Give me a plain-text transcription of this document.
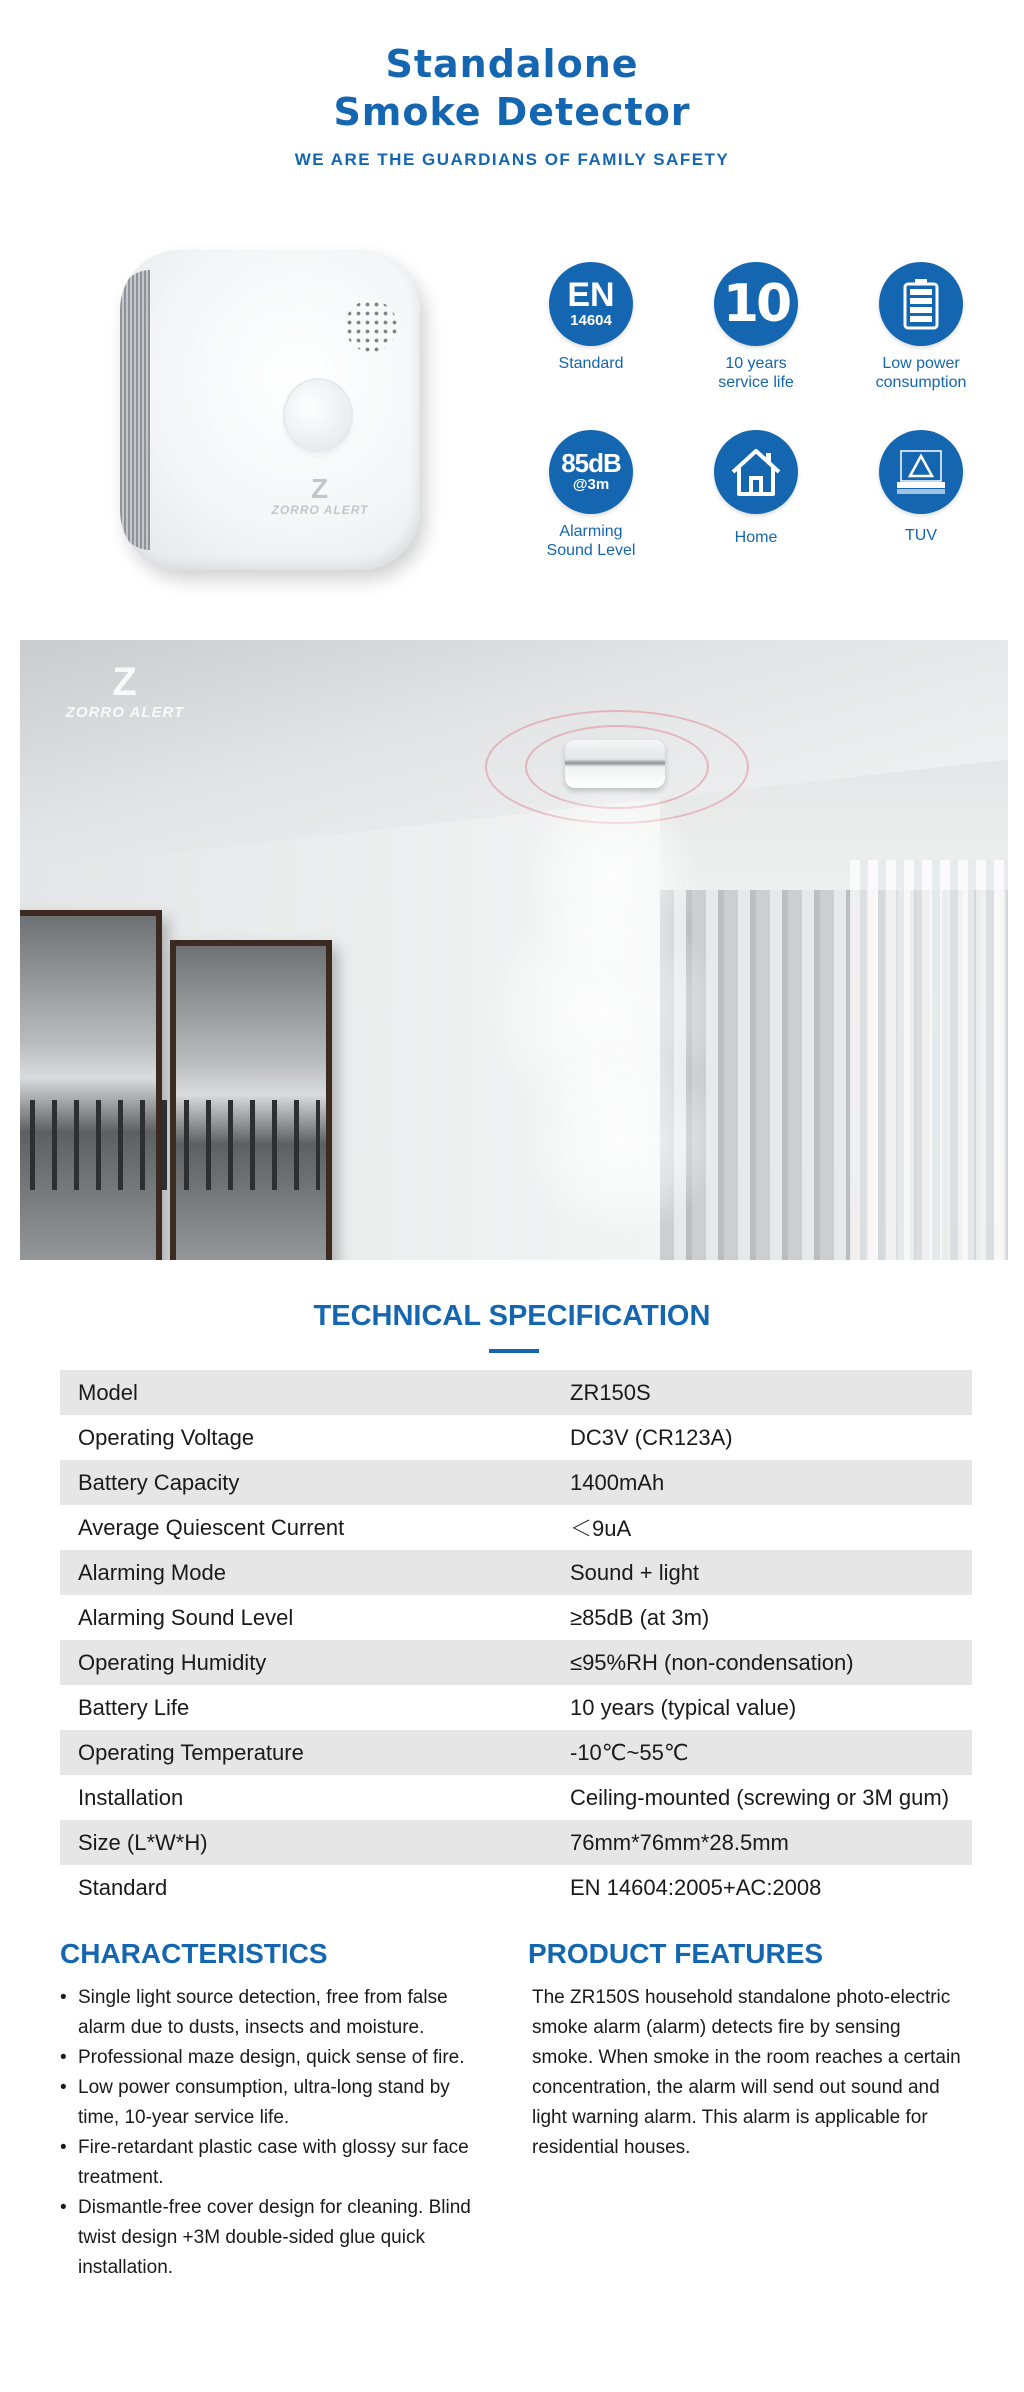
Standalone
Smoke Detector
WE ARE THE GUARDIANS OF FAMILY SAFETY
Z
ZORRO ALERT
EN
14604
Standard
10
10 years service life
Low power consumption
85dB
@3m
Alarming Sound Level
Home	TUV
Z
ZORRO ALERT
TECHNICAL SPECIFICATION
Model	ZR150S
Operating Voltage	DC3V (CR123A)
Battery Capacity	1400mAh
Average Quiescent Current	＜9uA
Alarming Mode	Sound + light
Alarming Sound Level	≥85dB (at 3m)
Operating Humidity	≤95%RH (non-condensation)
Battery Life	10 years (typical value)
Operating Temperature	-10℃~55℃
Installation	Ceiling-mounted (screwing or 3M gum)
Size (L*W*H)	76mm*76mm*28.5mm
Standard	EN 14604:2005+AC:2008
CHARACTERISTICS
• Single light source detection, free from false alarm due to dusts, insects and moisture.
• Professional maze design, quick sense of fire.
• Low power consumption, ultra-long stand by time, 10-year service life.
• Fire-retardant plastic case with glossy sur face treatment.
• Dismantle-free cover design for cleaning. Blind twist design +3M double-sided glue quick installation.
PRODUCT FEATURES
The ZR150S household standalone photo-electric smoke alarm (alarm) detects fire by sensing smoke. When smoke in the room reaches a certain concentration, the alarm will send out sound and light warning alarm. This alarm is applicable for residential houses.
